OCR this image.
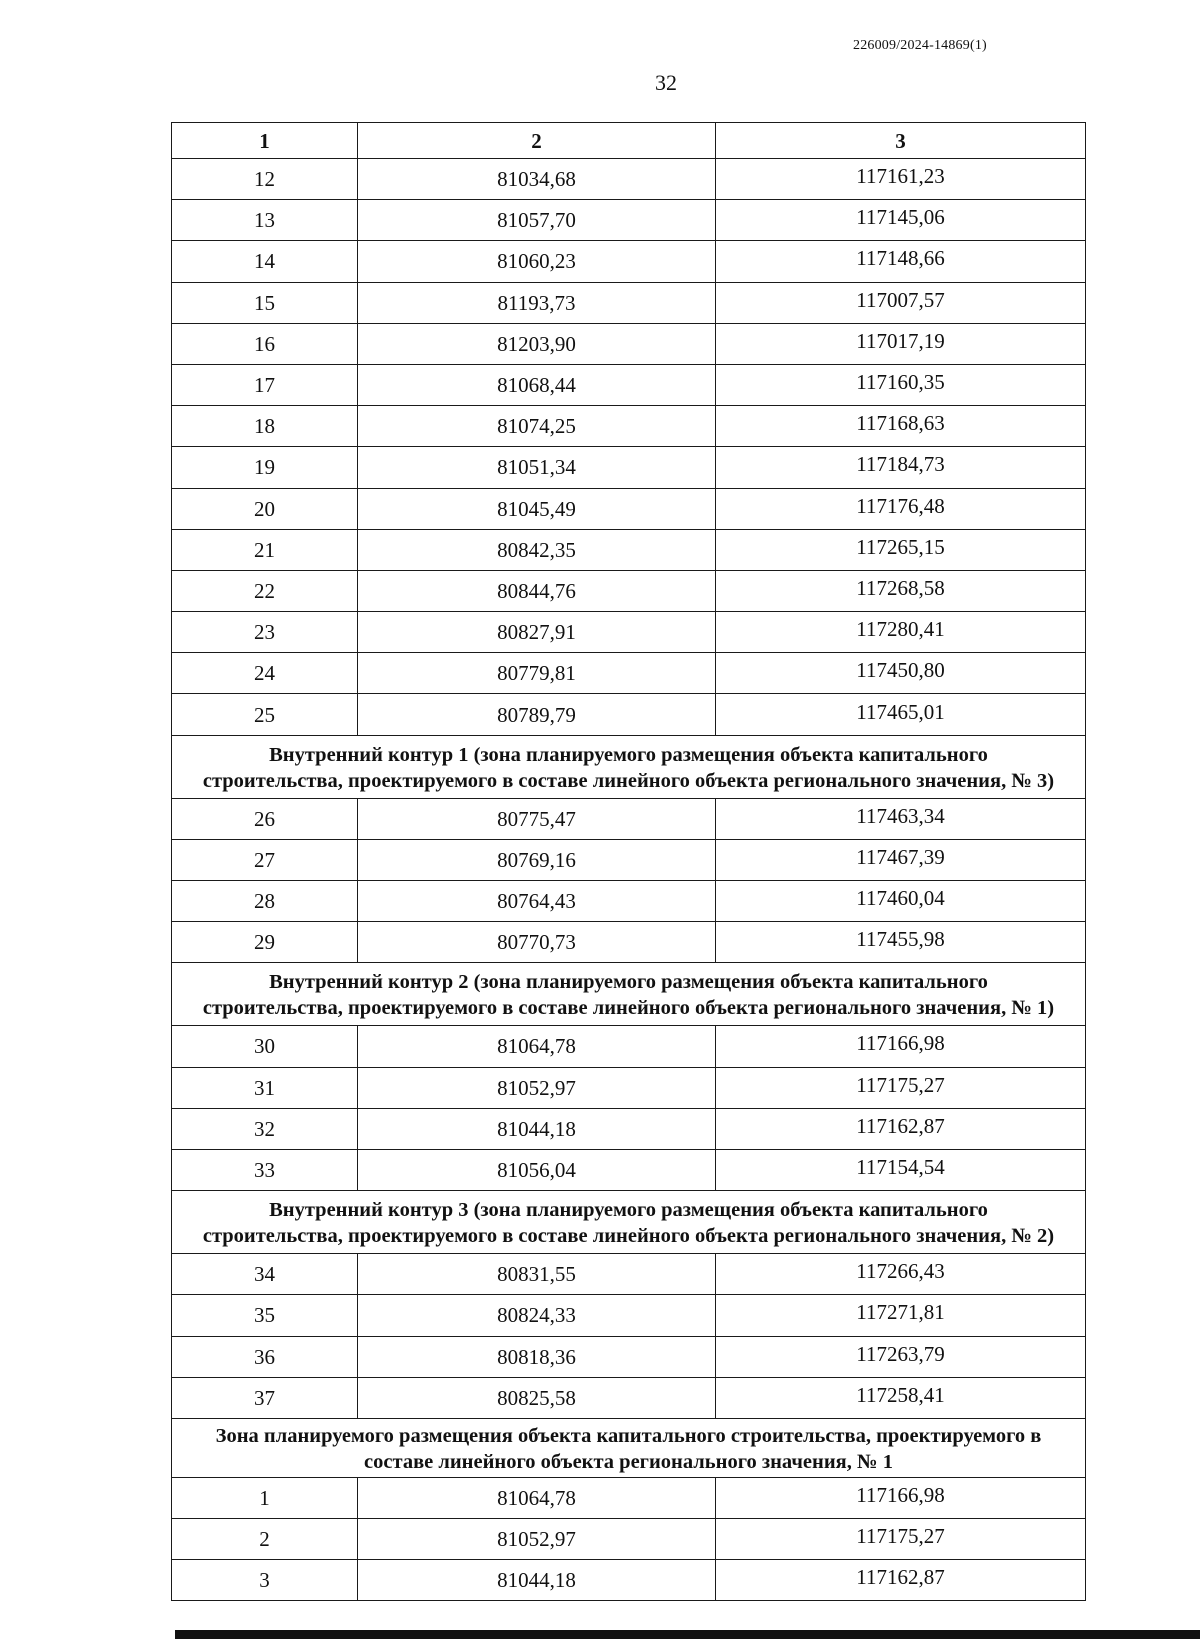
226009/2024-14869(1)
32
1	2	3
12	81034,68	117161,23
13	81057,70	117145,06
14	81060,23	117148,66
15	81193,73	117007,57
16	81203,90	117017,19
17	81068,44	117160,35
18	81074,25	117168,63
19	81051,34	117184,73
20	81045,49	117176,48
21	80842,35	117265,15
22	80844,76	117268,58
23	80827,91	117280,41
24	80779,81	117450,80
25	80789,79	117465,01
Внутренний контур 1 (зона планируемого размещения объекта капитального строительства, проектируемого в составе линейного объекта регионального значения, № 3)		
26	80775,47	117463,34
27	80769,16	117467,39
28	80764,43	117460,04
29	80770,73	117455,98
Внутренний контур 2 (зона планируемого размещения объекта капитального строительства, проектируемого в составе линейного объекта регионального значения, № 1)		
30	81064,78	117166,98
31	81052,97	117175,27
32	81044,18	117162,87
33	81056,04	117154,54
Внутренний контур 3 (зона планируемого размещения объекта капитального строительства, проектируемого в составе линейного объекта регионального значения, № 2)		
34	80831,55	117266,43
35	80824,33	117271,81
36	80818,36	117263,79
37	80825,58	117258,41
Зона планируемого размещения объекта капитального строительства, проектируемого в составе линейного объекта регионального значения, № 1		
1	81064,78	117166,98
2	81052,97	117175,27
3	81044,18	117162,87
